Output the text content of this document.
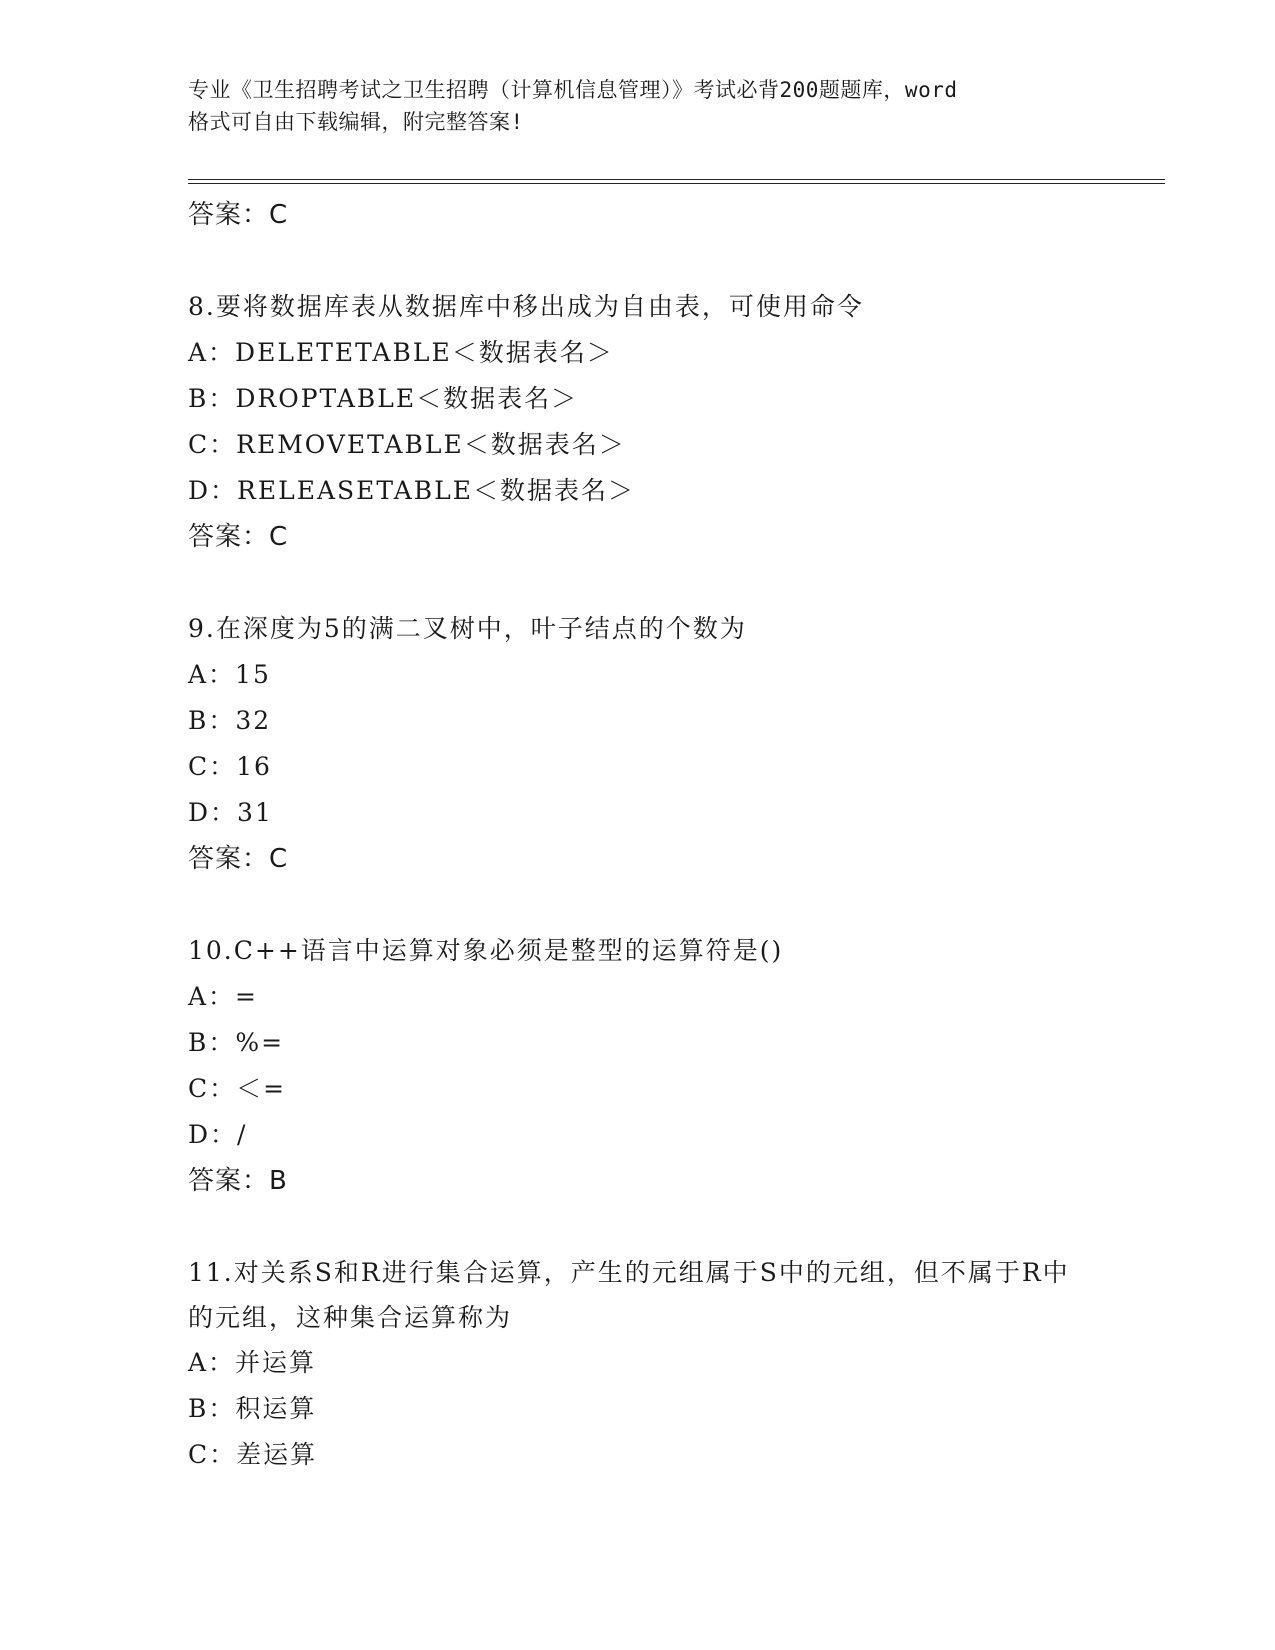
专业《卫生招聘考试之卫生招聘（计算机信息管理）》考试必背200题题库，word
格式可自由下载编辑，附完整答案!
答案：C
8.要将数据库表从数据库中移出成为自由表，可使用命令
A：DELETETABLE＜数据表名＞
B：DROPTABLE＜数据表名＞
C：REMOVETABLE＜数据表名＞
D：RELEASETABLE＜数据表名＞
答案：C
9.在深度为5的满二叉树中，叶子结点的个数为
A：15
B：32
C：16
D：31
答案：C
10.C++语言中运算对象必须是整型的运算符是()
A：=
B：%=
C：＜=
D：/
答案：B
11.对关系S和R进行集合运算，产生的元组属于S中的元组，但不属于R中的元组，这种集合运算称为
A：并运算
B：积运算
C：差运算
